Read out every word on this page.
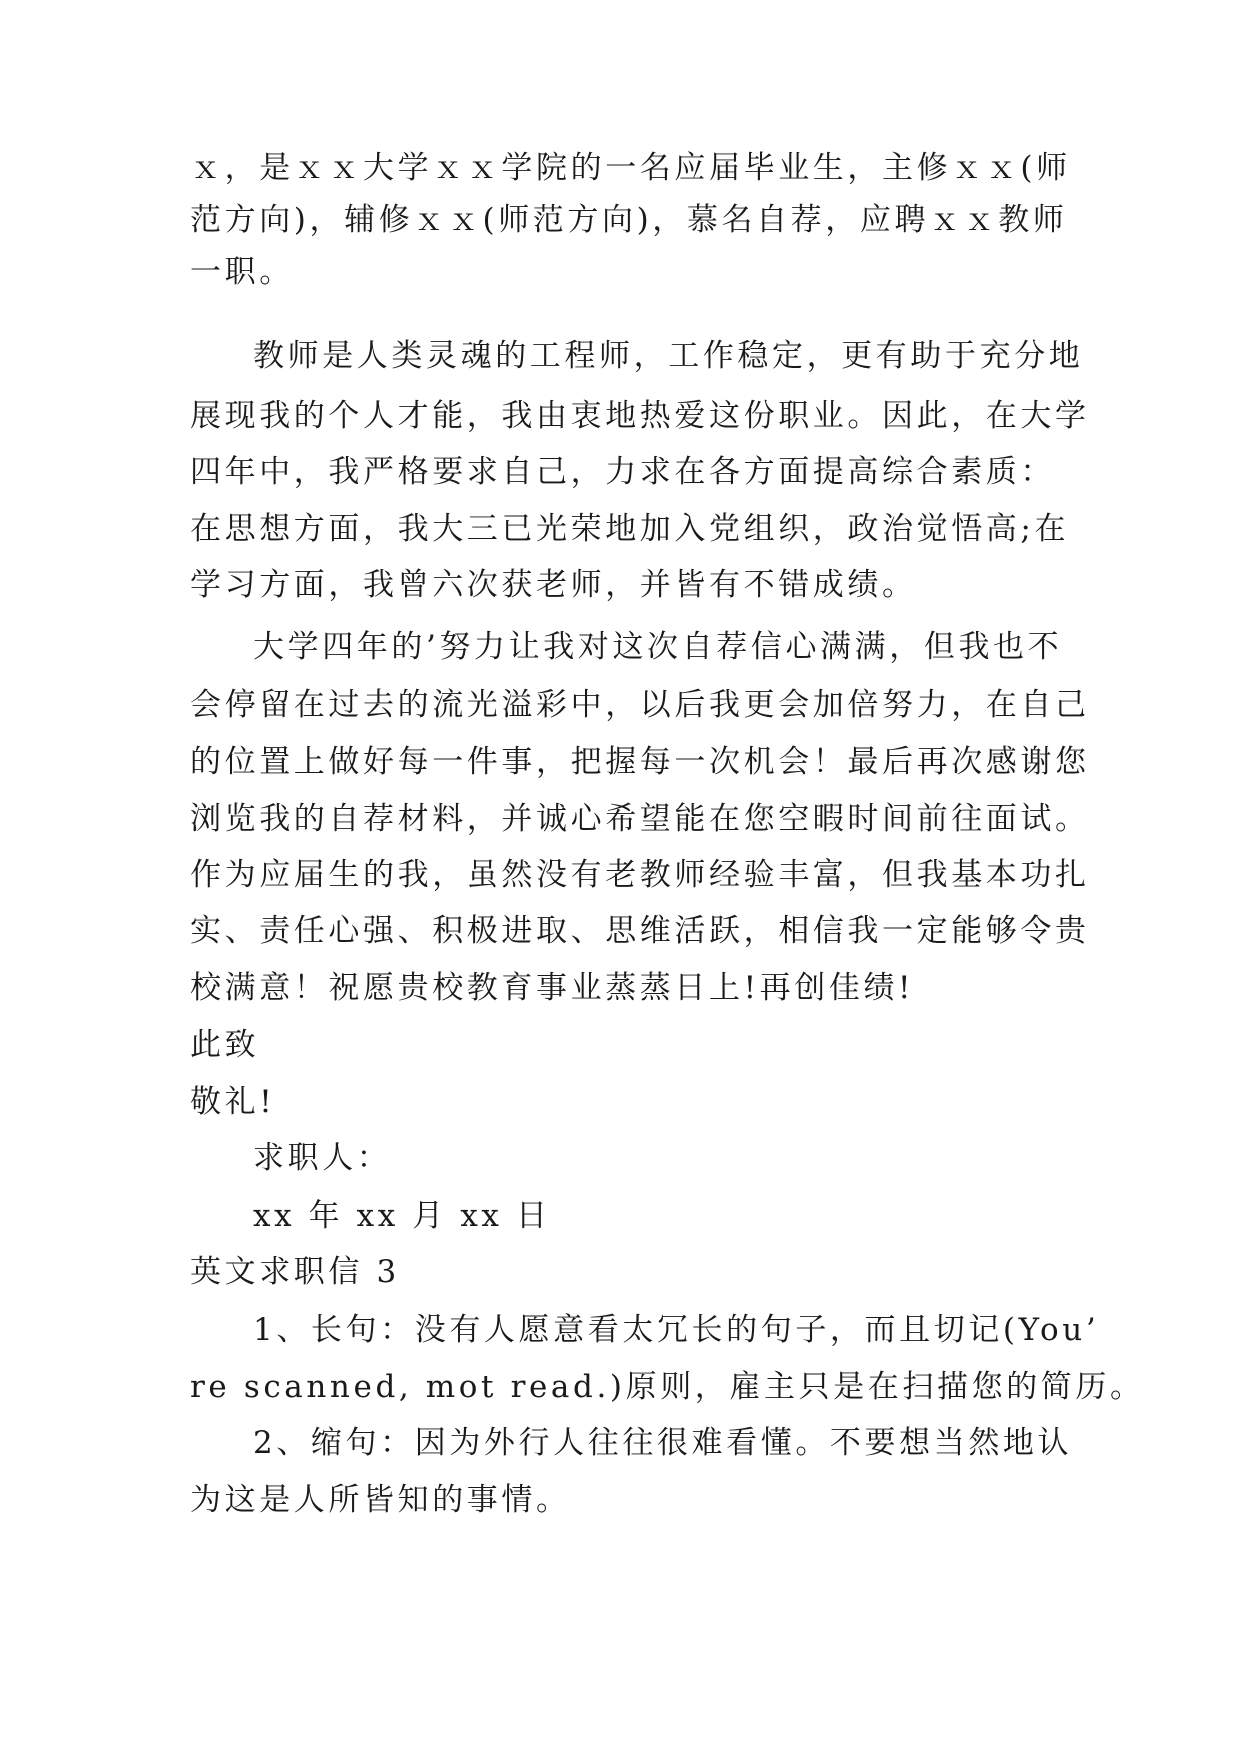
ｘ，是ｘｘ大学ｘｘ学院的一名应届毕业生，主修ｘｘ(师
范方向)，辅修ｘｘ(师范方向)，慕名自荐，应聘ｘｘ教师
一职。
教师是人类灵魂的工程师，工作稳定，更有助于充分地
展现我的个人才能，我由衷地热爱这份职业。因此，在大学
四年中，我严格要求自己，力求在各方面提高综合素质：
在思想方面，我大三已光荣地加入党组织，政治觉悟高;在
学习方面，我曾六次获老师，并皆有不错成绩。
大学四年的’努力让我对这次自荐信心满满，但我也不
会停留在过去的流光溢彩中，以后我更会加倍努力，在自己
的位置上做好每一件事，把握每一次机会！最后再次感谢您
浏览我的自荐材料，并诚心希望能在您空暇时间前往面试。
作为应届生的我，虽然没有老教师经验丰富，但我基本功扎
实、责任心强、积极进取、思维活跃，相信我一定能够令贵
校满意！祝愿贵校教育事业蒸蒸日上!再创佳绩!
此致
敬礼!
求职人：
xx 年 xx 月 xx 日
英文求职信 3
1、长句：没有人愿意看太冗长的句子，而且切记(You’
re scanned, mot read.)原则，雇主只是在扫描您的简历。
2、缩句：因为外行人往往很难看懂。不要想当然地认
为这是人所皆知的事情。
